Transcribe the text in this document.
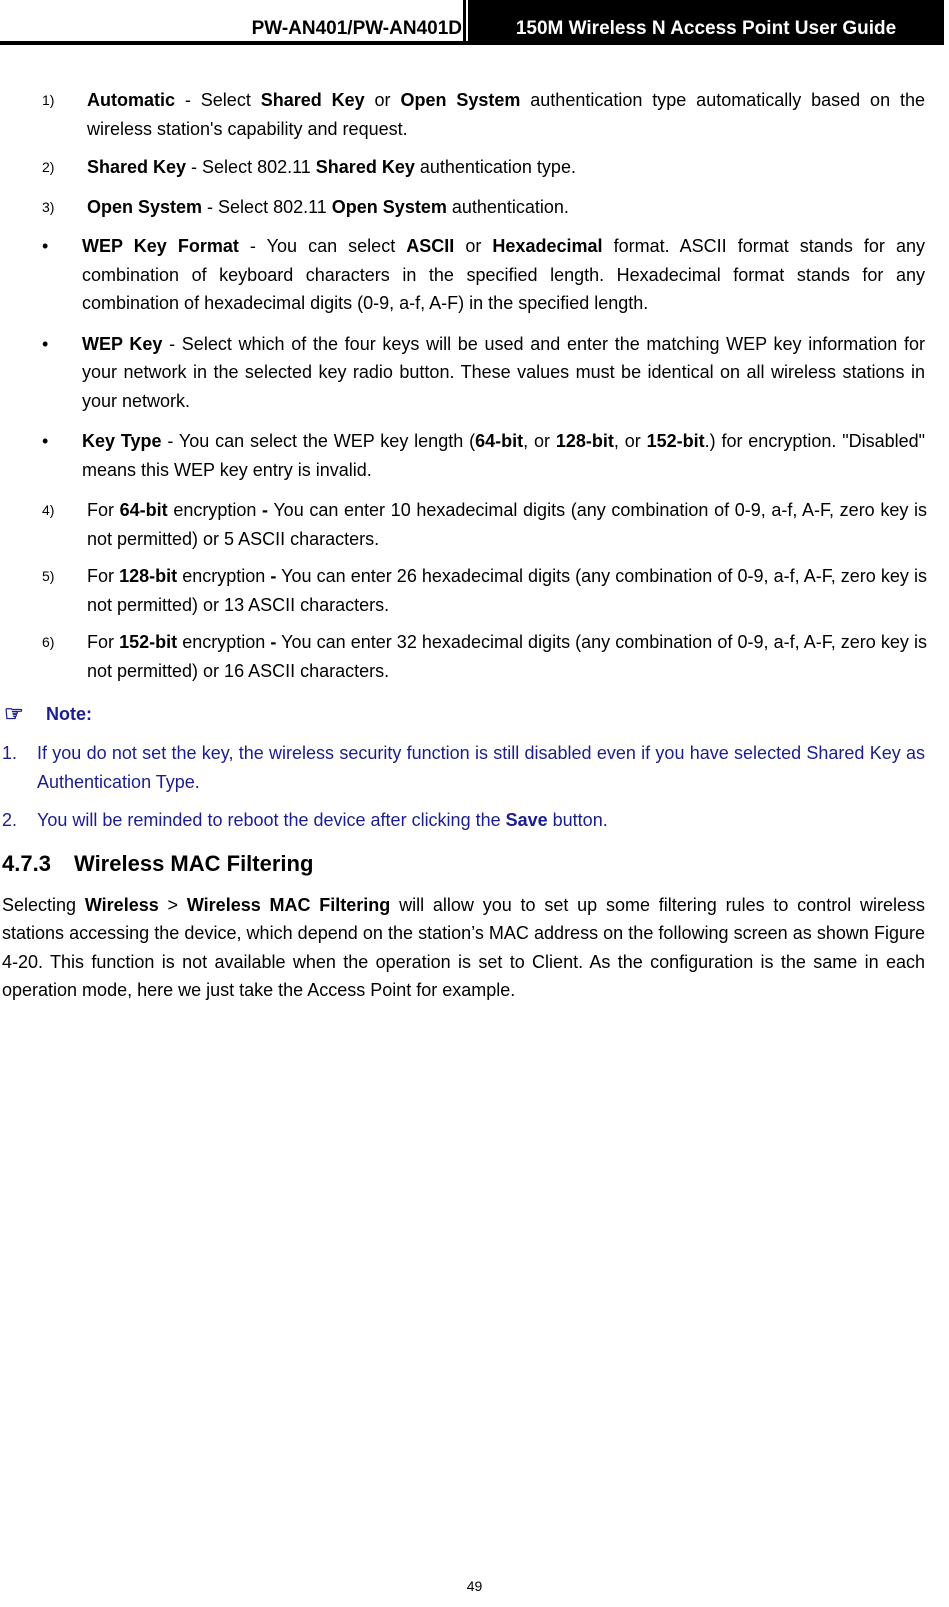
PW-AN401/PW-AN401D	150M Wireless N Access Point User Guide
1) Automatic - Select Shared Key or Open System authentication type automatically based on the wireless station's capability and request.
2) Shared Key - Select 802.11 Shared Key authentication type.
3) Open System - Select 802.11 Open System authentication.
• WEP Key Format - You can select ASCII or Hexadecimal format. ASCII format stands for any combination of keyboard characters in the specified length. Hexadecimal format stands for any combination of hexadecimal digits (0-9, a-f, A-F) in the specified length.
• WEP Key - Select which of the four keys will be used and enter the matching WEP key information for your network in the selected key radio button. These values must be identical on all wireless stations in your network.
• Key Type - You can select the WEP key length (64-bit, or 128-bit, or 152-bit.) for encryption. "Disabled" means this WEP key entry is invalid.
4) For 64-bit encryption - You can enter 10 hexadecimal digits (any combination of 0-9, a-f, A-F, zero key is not permitted) or 5 ASCII characters.
5) For 128-bit encryption - You can enter 26 hexadecimal digits (any combination of 0-9, a-f, A-F, zero key is not permitted) or 13 ASCII characters.
6) For 152-bit encryption - You can enter 32 hexadecimal digits (any combination of 0-9, a-f, A-F, zero key is not permitted) or 16 ASCII characters.
☞ Note:
1. If you do not set the key, the wireless security function is still disabled even if you have selected Shared Key as Authentication Type.
2. You will be reminded to reboot the device after clicking the Save button.
4.7.3 Wireless MAC Filtering
Selecting Wireless > Wireless MAC Filtering will allow you to set up some filtering rules to control wireless stations accessing the device, which depend on the station’s MAC address on the following screen as shown Figure 4-20. This function is not available when the operation is set to Client. As the configuration is the same in each operation mode, here we just take the Access Point for example.
49
